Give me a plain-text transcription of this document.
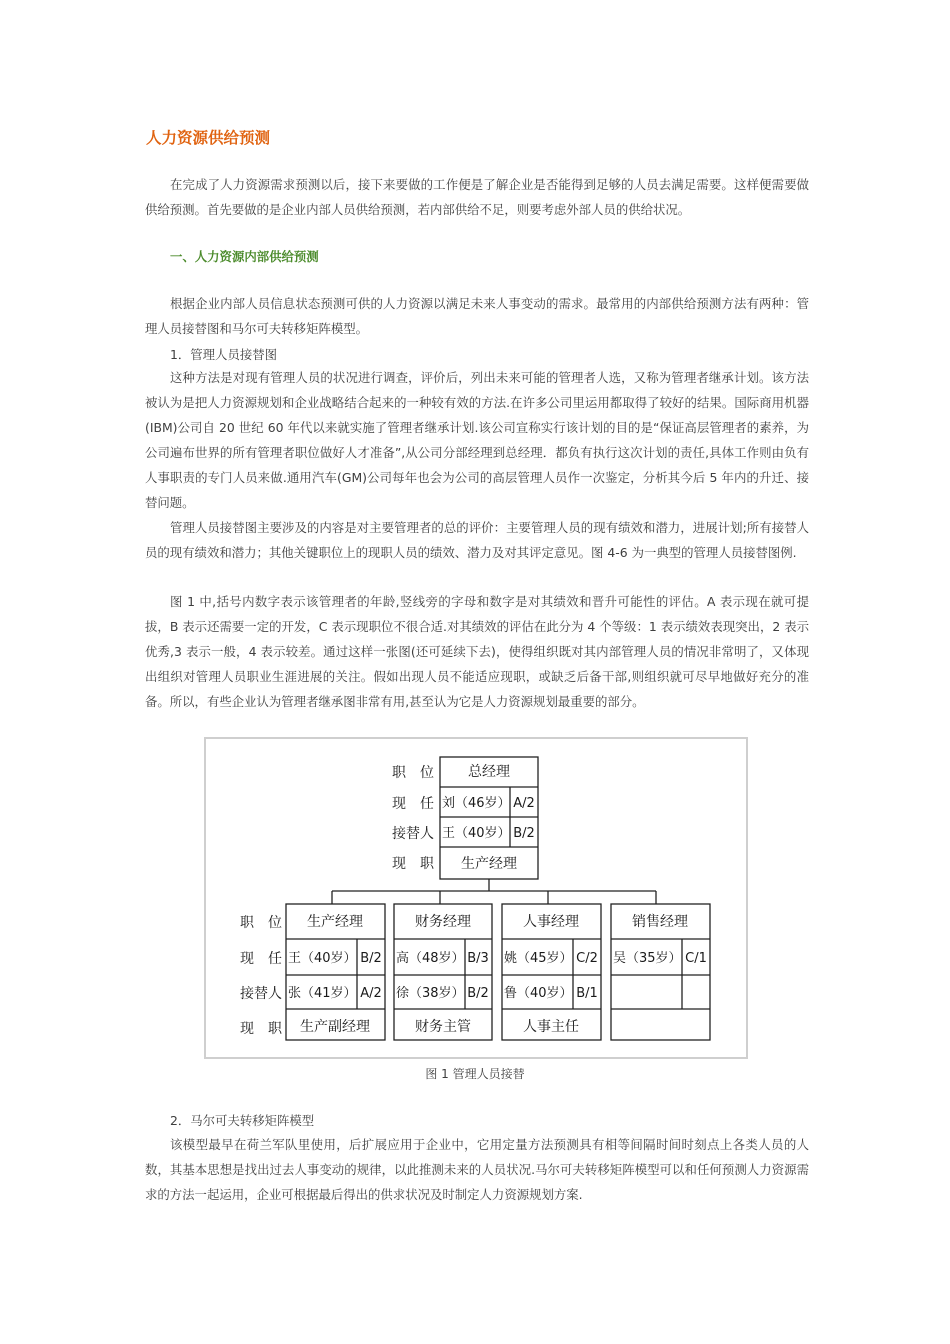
人力资源供给预测
在完成了人力资源需求预测以后，接下来要做的工作便是了解企业是否能得到足够的人员去满足需要。这样便需要做供给预测。首先要做的是企业内部人员供给预测，若内部供给不足，则要考虑外部人员的供给状况。
一、人力资源内部供给预测
根据企业内部人员信息状态预测可供的人力资源以满足未来人事变动的需求。最常用的内部供给预测方法有两种：管理人员接替图和马尔可夫转移矩阵模型。
1．管理人员接替图
这种方法是对现有管理人员的状况进行调查，评价后，列出未来可能的管理者人选，又称为管理者继承计划。该方法被认为是把人力资源规划和企业战略结合起来的一种较有效的方法.在许多公司里运用都取得了较好的结果。国际商用机器(IBM)公司自 20 世纪 60 年代以来就实施了管理者继承计划.该公司宣称实行该计划的目的是“保证高层管理者的素养，为公司遍布世界的所有管理者职位做好人才准备”,从公司分部经理到总经理．都负有执行这次计划的责任,具体工作则由负有人事职责的专门人员来做.通用汽车(GM)公司每年也会为公司的高层管理人员作一次鉴定，分析其今后 5 年内的升迁、接替问题。
管理人员接替图主要涉及的内容是对主要管理者的总的评价：主要管理人员的现有绩效和潜力，进展计划;所有接替人员的现有绩效和潜力；其他关键职位上的现职人员的绩效、潜力及对其评定意见。图 4-6 为一典型的管理人员接替图例.
图 1 中,括号内数字表示该管理者的年龄,竖线旁的字母和数字是对其绩效和晋升可能性的评估。A 表示现在就可提拔，B 表示还需要一定的开发，C 表示现职位不很合适.对其绩效的评估在此分为 4 个等级：1 表示绩效表现突出，2 表示优秀,3 表示一般，4 表示较差。通过这样一张图(还可延续下去)，使得组织既对其内部管理人员的情况非常明了，又体现出组织对管理人员职业生涯进展的关注。假如出现人员不能适应现职，或缺乏后备干部,则组织就可尽早地做好充分的准备。所以，有些企业认为管理者继承图非常有用,甚至认为它是人力资源规划最重要的部分。
职　位
现　任
接替人
现　职
总经理
刘（46岁） A/2
王（40岁） B/2
生产经理
职　位
现　任
接替人
现　职
生产经理
王（40岁） B/2
张（41岁） A/2
生产副经理
财务经理
高（48岁） B/3
徐（38岁） B/2
财务主管
人事经理
姚（45岁） C/2
鲁（40岁） B/1
人事主任
销售经理
吴（35岁） C/1
图 1 管理人员接替
2．马尔可夫转移矩阵模型
该模型最早在荷兰军队里使用，后扩展应用于企业中，它用定量方法预测具有相等间隔时间时刻点上各类人员的人数，其基本思想是找出过去人事变动的规律，以此推测未来的人员状况.马尔可夫转移矩阵模型可以和任何预测人力资源需求的方法一起运用，企业可根据最后得出的供求状况及时制定人力资源规划方案.
